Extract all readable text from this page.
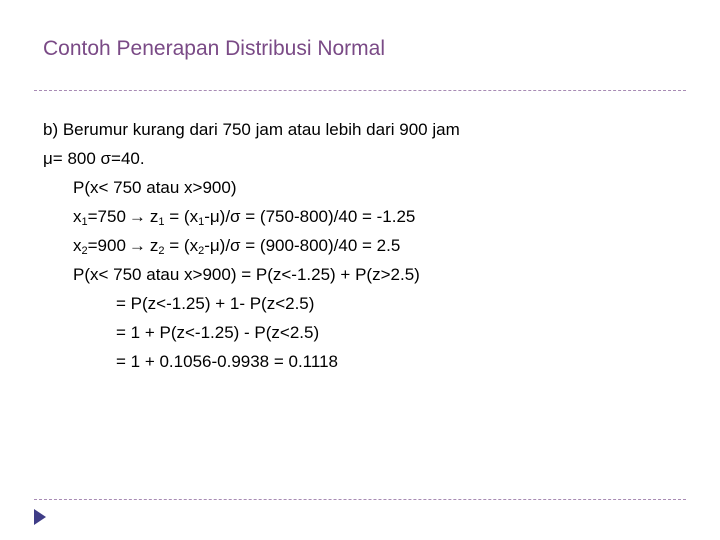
Contoh Penerapan Distribusi Normal
b) Berumur kurang dari 750 jam atau lebih dari 900 jam
μ= 800 σ=40.
P(x< 750 atau x>900)
$x_1=750 \to z_1 = (x_1-\mu)/\sigma = (750-800)/40 = -1.25$
$x_2=900 \to z_2 = (x_2-\mu)/\sigma = (900-800)/40 = 2.5$
P(x< 750 atau x>900) = P(z<-1.25) + P(z>2.5)
= P(z<-1.25) + 1- P(z<2.5)
= 1 + P(z<-1.25) - P(z<2.5)
= 1 + 0.1056-0.9938 = 0.1118
